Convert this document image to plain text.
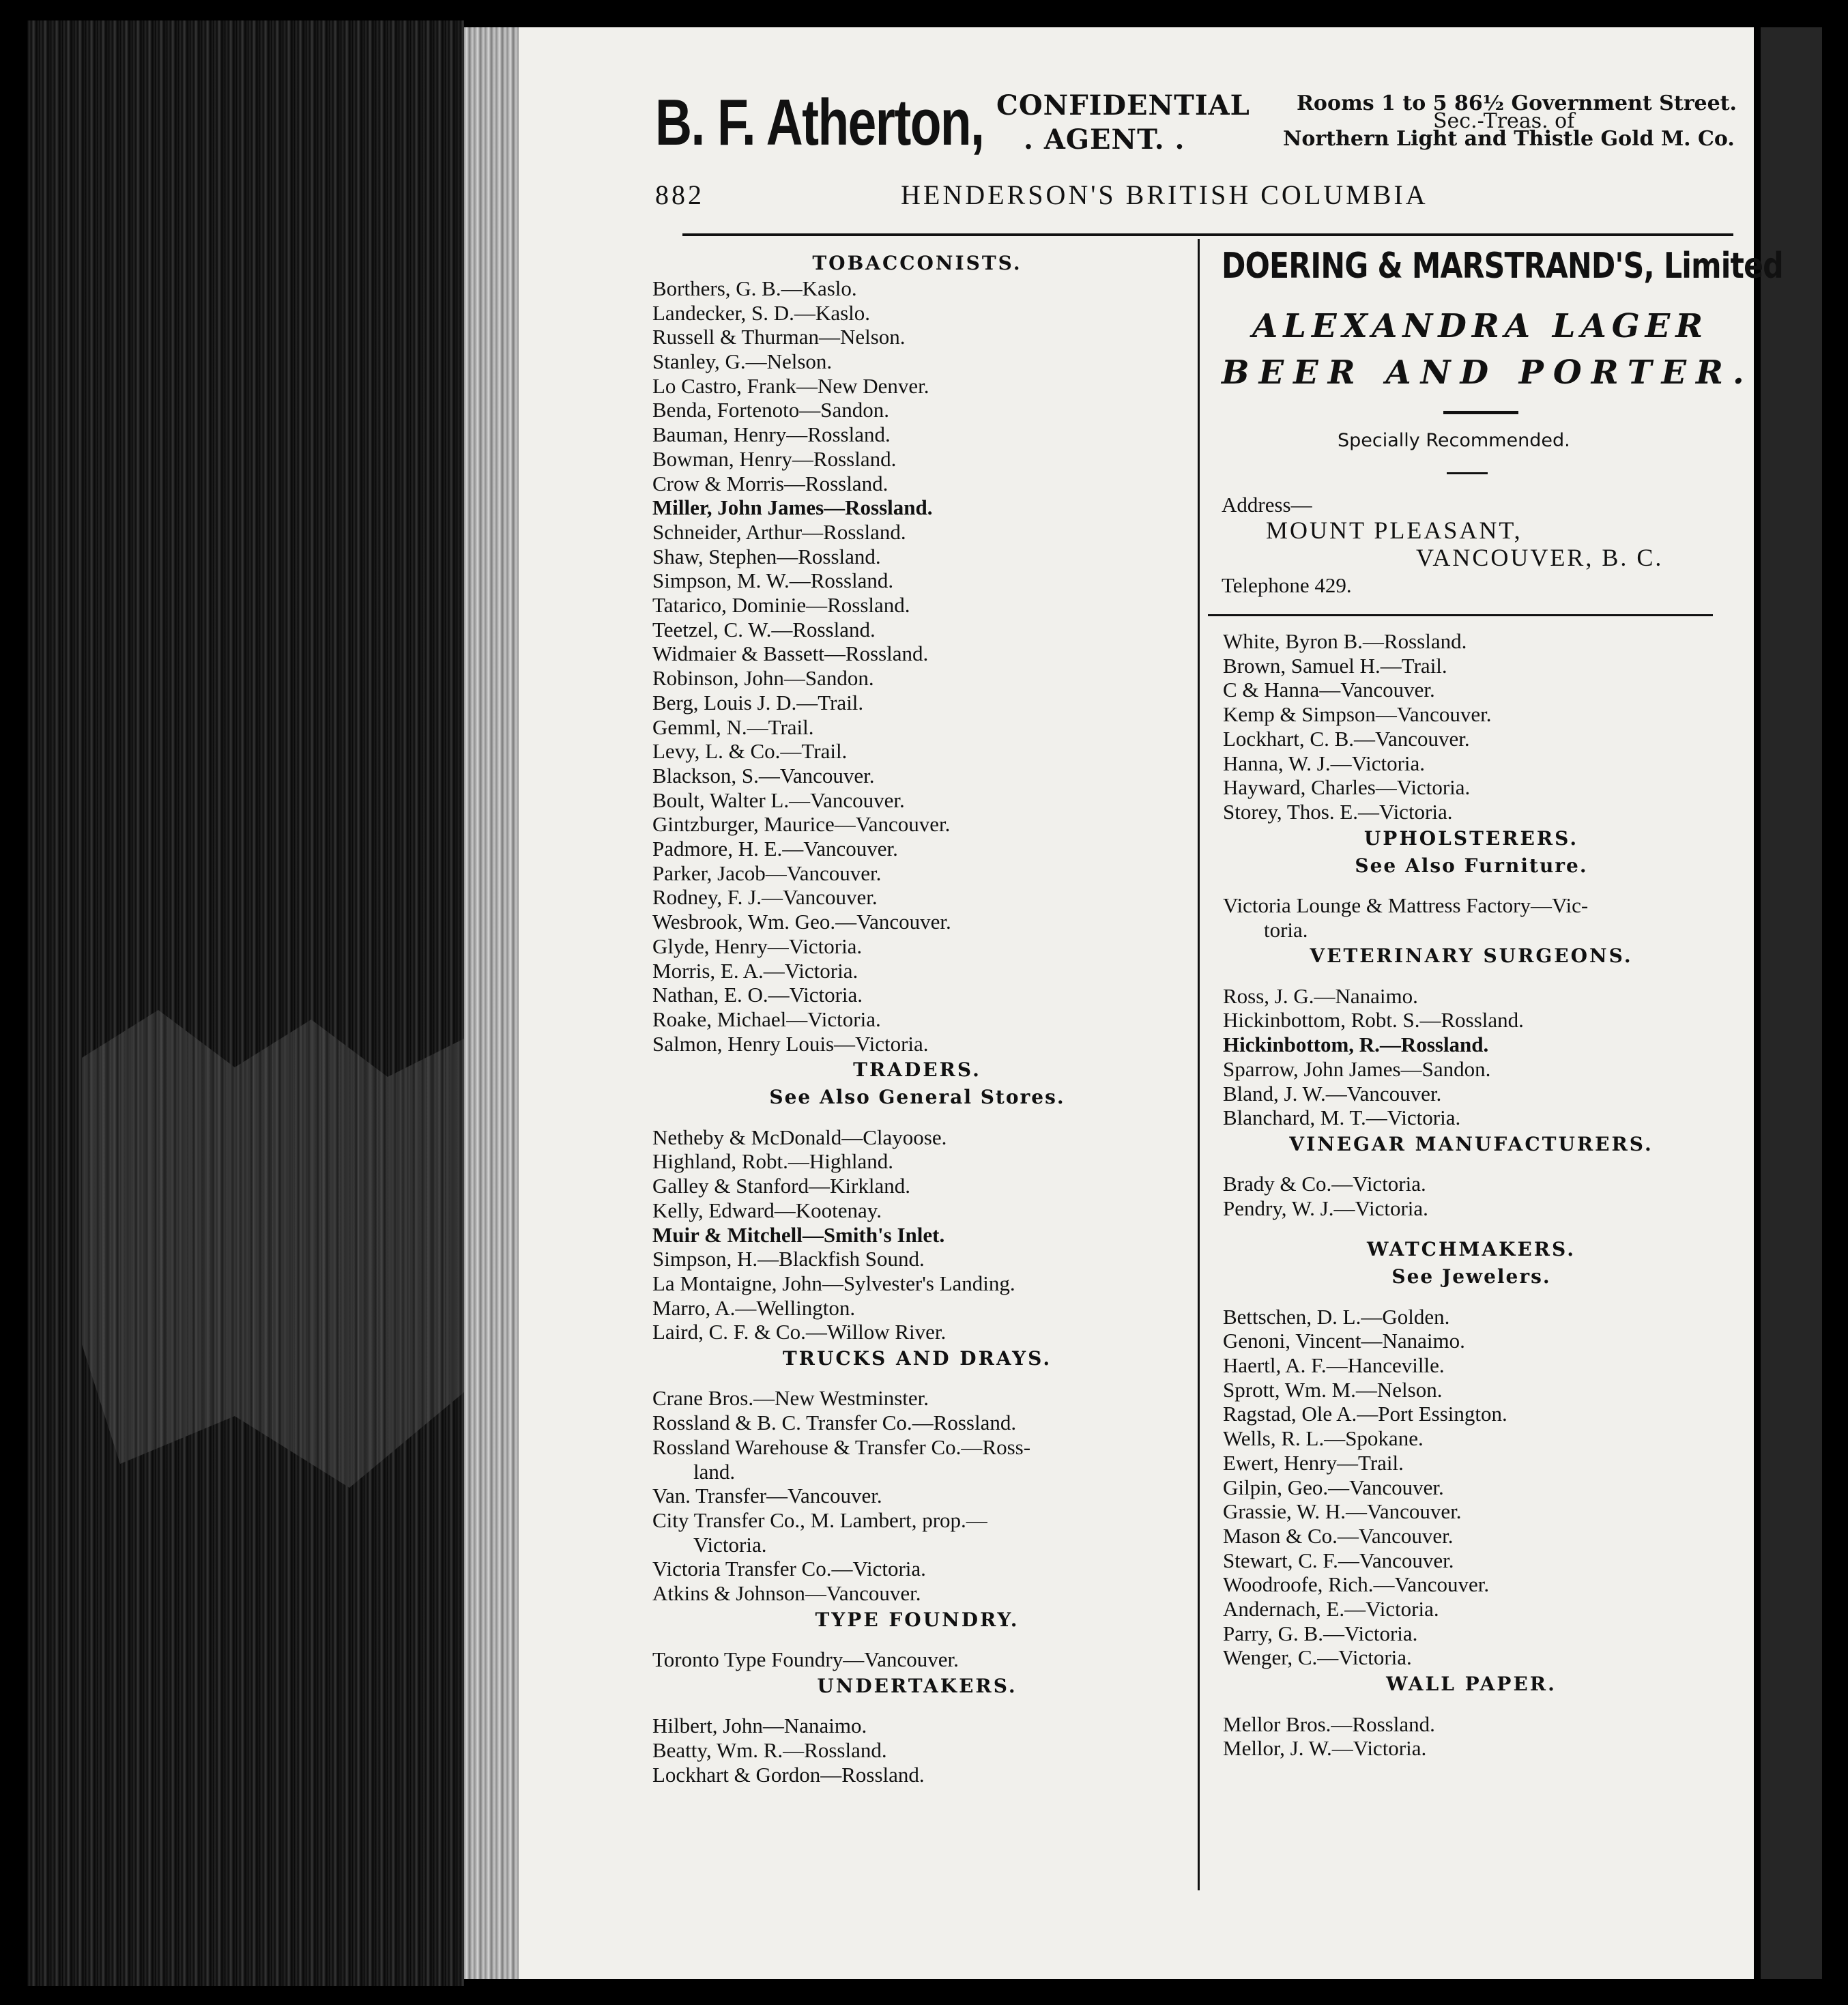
B. F. Atherton, CONFIDENTIAL
. AGENT. .
Rooms 1 to 5 86½ Government Street.
Sec.-Treas. of
Northern Light and Thistle Gold M. Co.
882	HENDERSON'S BRITISH COLUMBIA
TOBACCONISTS.
Borthers, G. B.—Kaslo.
Landecker, S. D.—Kaslo.
Russell & Thurman—Nelson.
Stanley, G.—Nelson.
Lo Castro, Frank—New Denver.
Benda, Fortenoto—Sandon.
Bauman, Henry—Rossland.
Bowman, Henry—Rossland.
Crow & Morris—Rossland.
Miller, John James—Rossland.
Schneider, Arthur—Rossland.
Shaw, Stephen—Rossland.
Simpson, M. W.—Rossland.
Tatarico, Dominie—Rossland.
Teetzel, C. W.—Rossland.
Widmaier & Bassett—Rossland.
Robinson, John—Sandon.
Berg, Louis J. D.—Trail.
Gemml, N.—Trail.
Levy, L. & Co.—Trail.
Blackson, S.—Vancouver.
Boult, Walter L.—Vancouver.
Gintzburger, Maurice—Vancouver.
Padmore, H. E.—Vancouver.
Parker, Jacob—Vancouver.
Rodney, F. J.—Vancouver.
Wesbrook, Wm. Geo.—Vancouver.
Glyde, Henry—Victoria.
Morris, E. A.—Victoria.
Nathan, E. O.—Victoria.
Roake, Michael—Victoria.
Salmon, Henry Louis—Victoria.
TRADERS.
See Also General Stores.
Netheby & McDonald—Clayoose.
Highland, Robt.—Highland.
Galley & Stanford—Kirkland.
Kelly, Edward—Kootenay.
Muir & Mitchell—Smith's Inlet.
Simpson, H.—Blackfish Sound.
La Montaigne, John—Sylvester's Landing.
Marro, A.—Wellington.
Laird, C. F. & Co.—Willow River.
TRUCKS AND DRAYS.
Crane Bros.—New Westminster.
Rossland & B. C. Transfer Co.—Rossland.
Rossland Warehouse & Transfer Co.—Ross-
land.
Van. Transfer—Vancouver.
City Transfer Co., M. Lambert, prop.—
Victoria.
Victoria Transfer Co.—Victoria.
Atkins & Johnson—Vancouver.
TYPE FOUNDRY.
Toronto Type Foundry—Vancouver.
UNDERTAKERS.
Hilbert, John—Nanaimo.
Beatty, Wm. R.—Rossland.
Lockhart & Gordon—Rossland.
DOERING & MARSTRAND'S, Limited
ALEXANDRA LAGER
BEER AND PORTER.
Specially Recommended.
Address—
MOUNT PLEASANT,
VANCOUVER, B. C.
Telephone 429.
White, Byron B.—Rossland.
Brown, Samuel H.—Trail.
C & Hanna—Vancouver.
Kemp & Simpson—Vancouver.
Lockhart, C. B.—Vancouver.
Hanna, W. J.—Victoria.
Hayward, Charles—Victoria.
Storey, Thos. E.—Victoria.
UPHOLSTERERS.
See Also Furniture.
Victoria Lounge & Mattress Factory—Vic-
toria.
VETERINARY SURGEONS.
Ross, J. G.—Nanaimo.
Hickinbottom, Robt. S.—Rossland.
Hickinbottom, R.—Rossland.
Sparrow, John James—Sandon.
Bland, J. W.—Vancouver.
Blanchard, M. T.—Victoria.
VINEGAR MANUFACTURERS.
Brady & Co.—Victoria.
Pendry, W. J.—Victoria.
WATCHMAKERS.
See Jewelers.
Bettschen, D. L.—Golden.
Genoni, Vincent—Nanaimo.
Haertl, A. F.—Hanceville.
Sprott, Wm. M.—Nelson.
Ragstad, Ole A.—Port Essington.
Wells, R. L.—Spokane.
Ewert, Henry—Trail.
Gilpin, Geo.—Vancouver.
Grassie, W. H.—Vancouver.
Mason & Co.—Vancouver.
Stewart, C. F.—Vancouver.
Woodroofe, Rich.—Vancouver.
Andernach, E.—Victoria.
Parry, G. B.—Victoria.
Wenger, C.—Victoria.
WALL PAPER.
Mellor Bros.—Rossland.
Mellor, J. W.—Victoria.
